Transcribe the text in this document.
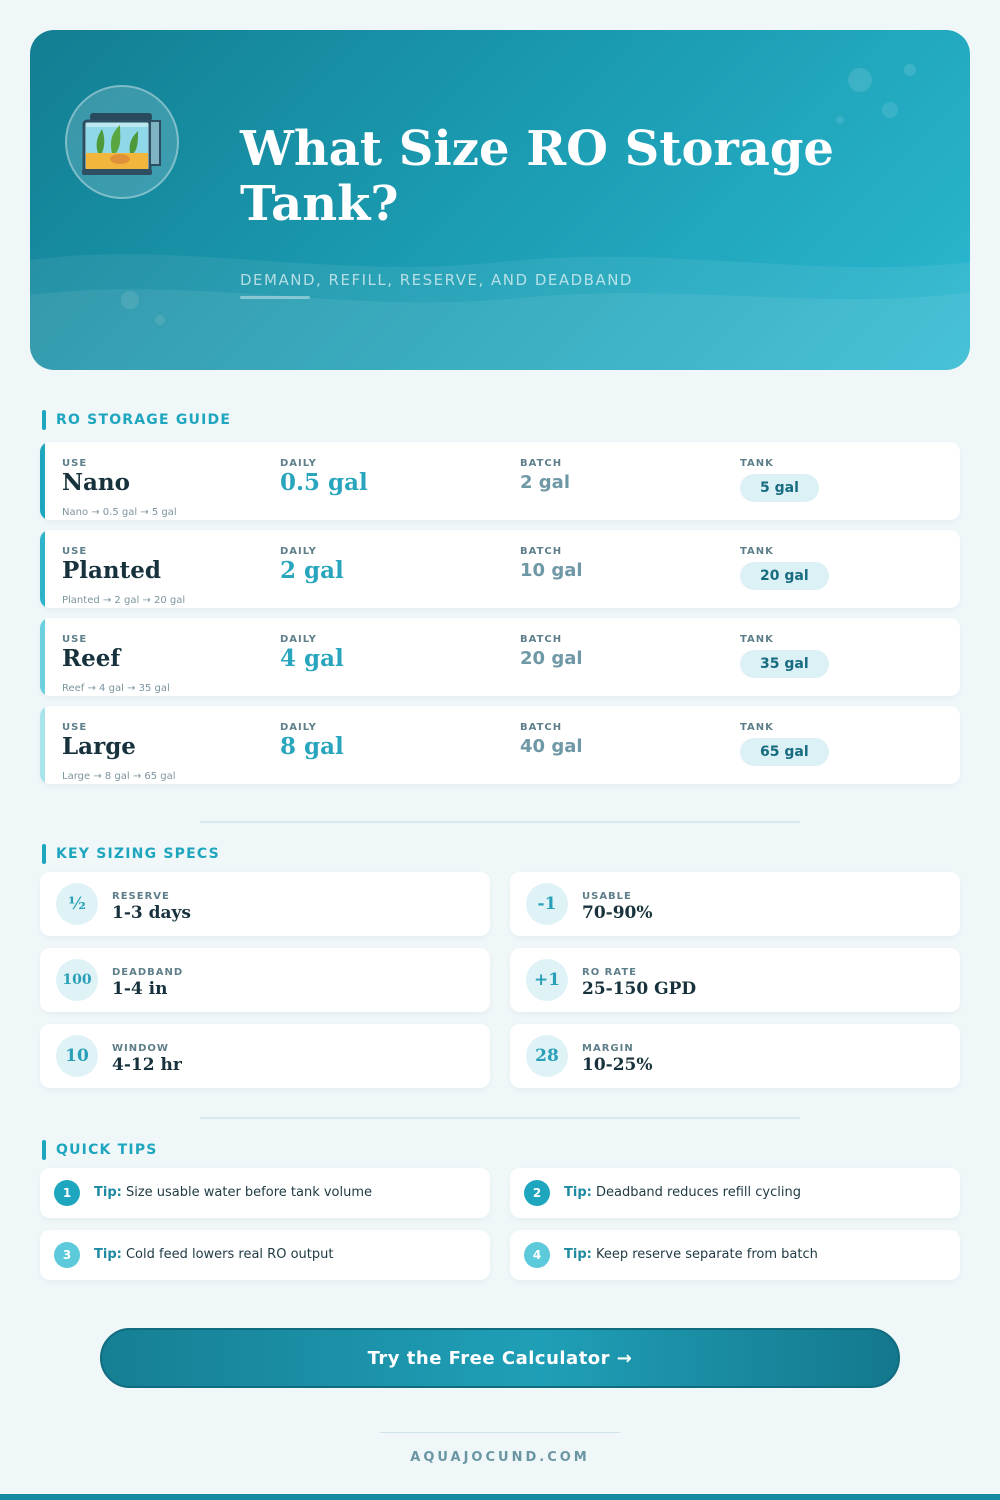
What Size RO Storage Tank?
DEMAND, REFILL, RESERVE, AND DEADBAND
RO STORAGE GUIDE
USE	DAILY	BATCH	TANK
Nano	0.5 gal	2 gal	5 gal
Nano → 0.5 gal → 5 gal
USE	DAILY	BATCH	TANK
Planted	2 gal	10 gal	20 gal
Planted → 2 gal → 20 gal
USE	DAILY	BATCH	TANK
Reef	4 gal	20 gal	35 gal
Reef → 4 gal → 35 gal
USE	DAILY	BATCH	TANK
Large	8 gal	40 gal	65 gal
Large → 8 gal → 65 gal
KEY SIZING SPECS
½	RESERVE
1-3 days	-1	USABLE
70-90%
100	DEADBAND
1-4 in	+1	RO RATE
25-150 GPD
10	WINDOW
4-12 hr	28	MARGIN
10-25%
QUICK TIPS
1	Tip: Size usable water before tank volume	2	Tip: Deadband reduces refill cycling
3	Tip: Cold feed lowers real RO output	4	Tip: Keep reserve separate from batch
Try the Free Calculator →
AQUAJOCUND.COM
